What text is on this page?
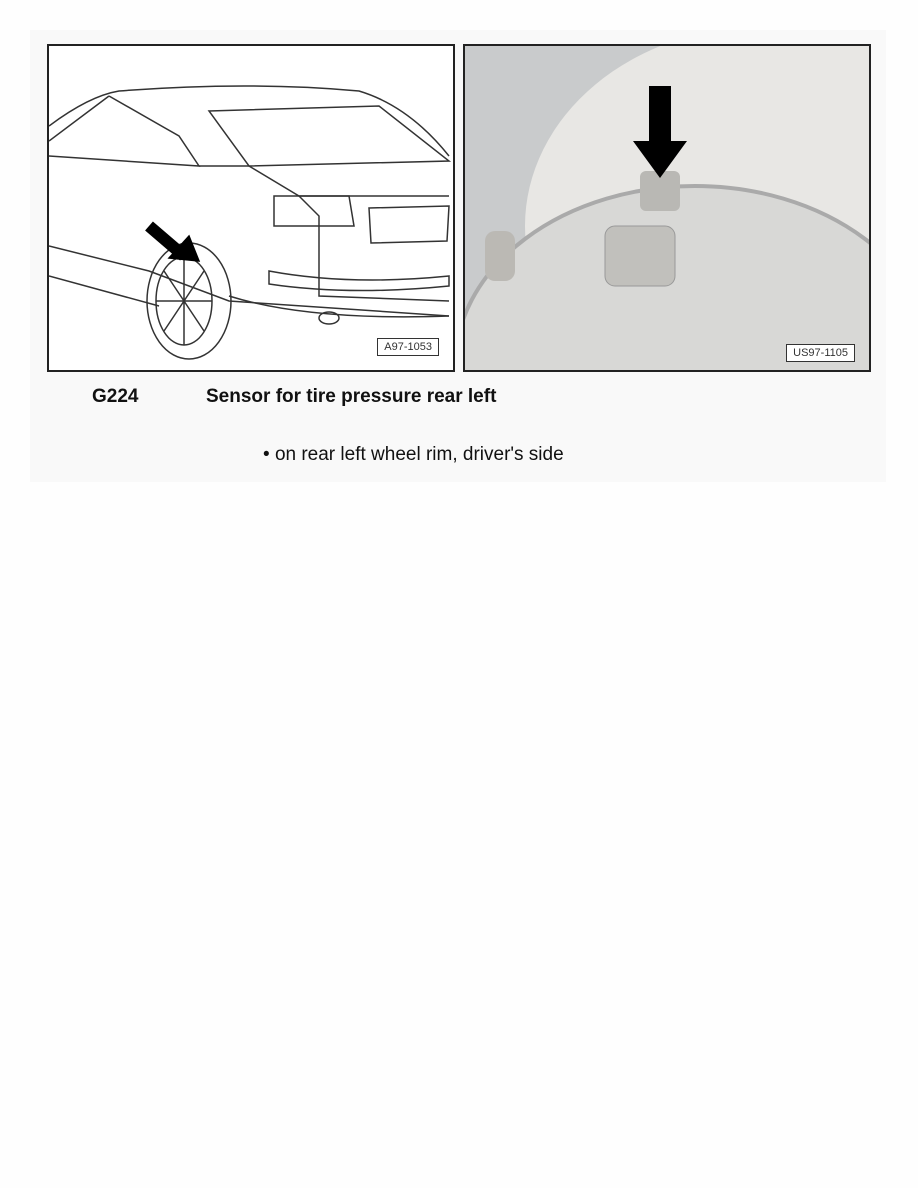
A97-1053	US97-1105
G224	Sensor for tire pressure rear left
• on rear left wheel rim, driver's side
